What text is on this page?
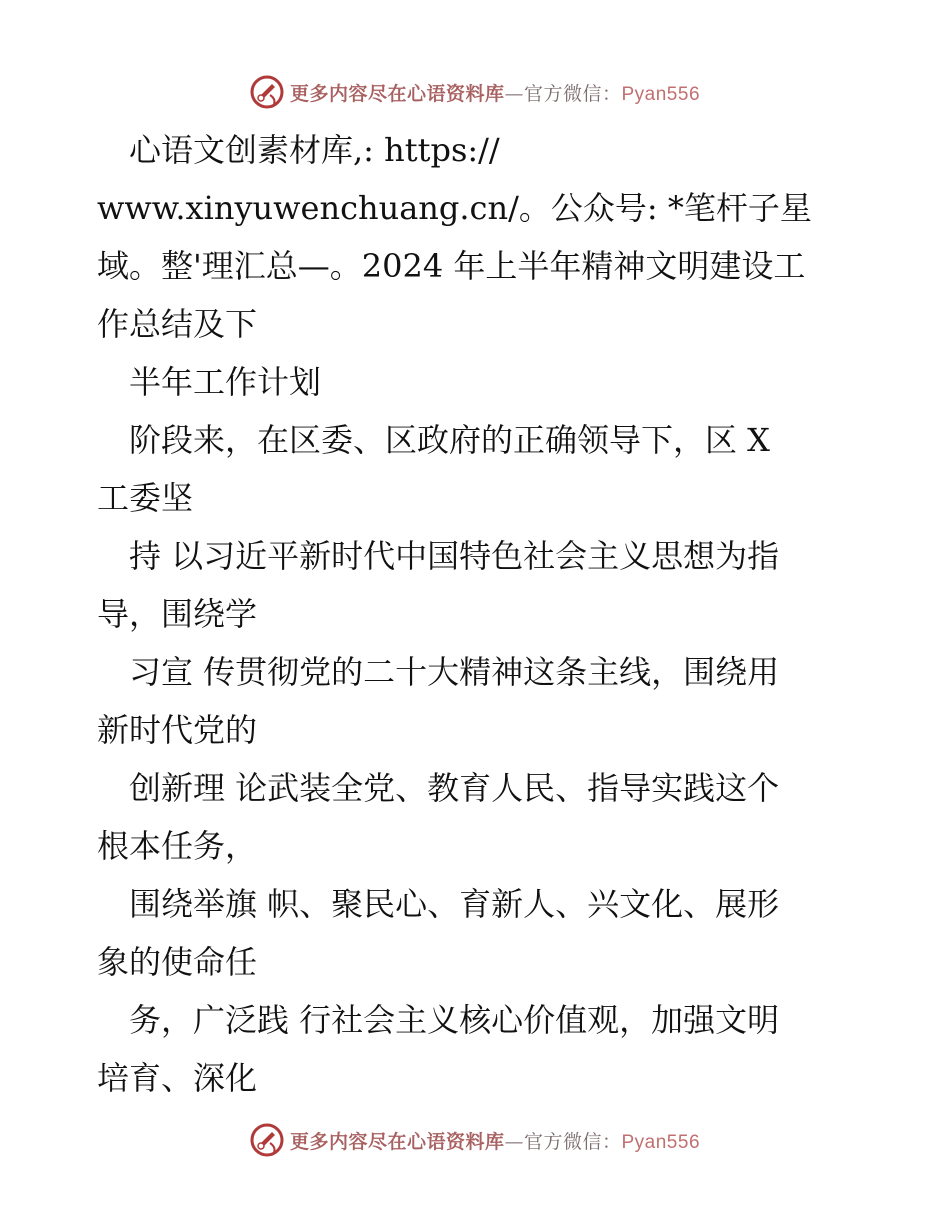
更多内容尽在心语资料库—官方微信：Pyan556
　心语文创素材库,: https://
www.xinyuwenchuang.cn/。公众号: *笔杆子星
域。整'理汇总—。2024 年上半年精神文明建设工
作总结及下
　半年工作计划
　阶段来，在区委、区政府的正确领导下，区 X
工委坚
　持 以习近平新时代中国特色社会主义思想为指
导，围绕学
　习宣 传贯彻党的二十大精神这条主线，围绕用
新时代党的
　创新理 论武装全党、教育人民、指导实践这个
根本任务，
　围绕举旗 帜、聚民心、育新人、兴文化、展形
象的使命任
　务，广泛践 行社会主义核心价值观，加强文明
培育、深化
更多内容尽在心语资料库—官方微信：Pyan556
